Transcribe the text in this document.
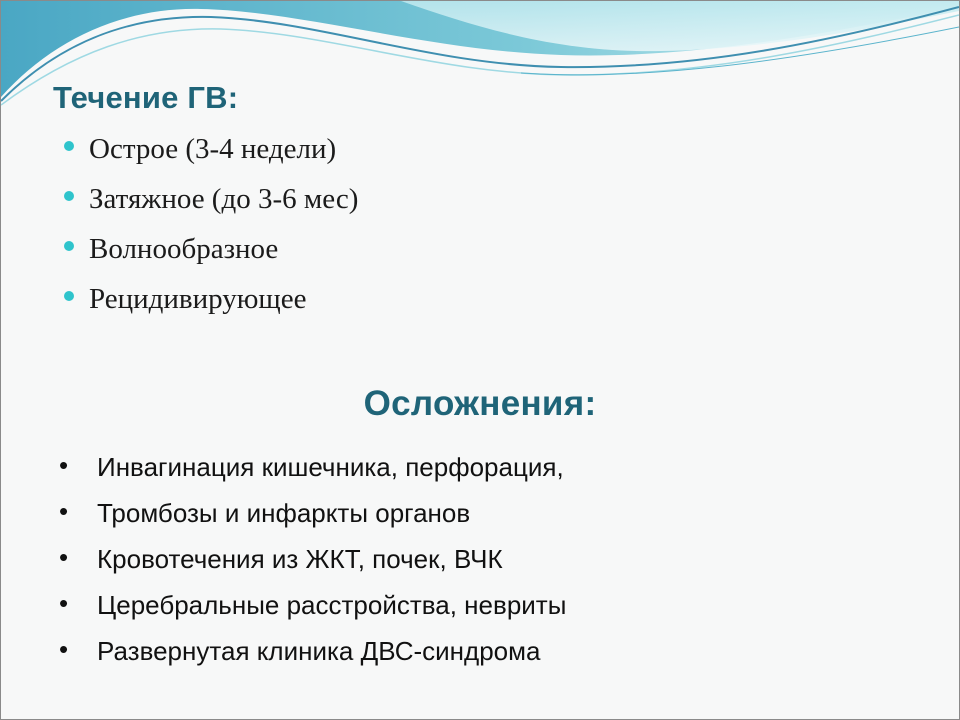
Течение ГВ:
Острое (3-4 недели)
Затяжное (до 3-6 мес)
Волнообразное
Рецидивирующее
Осложнения:
• Инвагинация кишечника, перфорация,
• Тромбозы и инфаркты органов
• Кровотечения из ЖКТ, почек, ВЧК
• Церебральные расстройства, невриты
• Развернутая клиника ДВС-синдрома
